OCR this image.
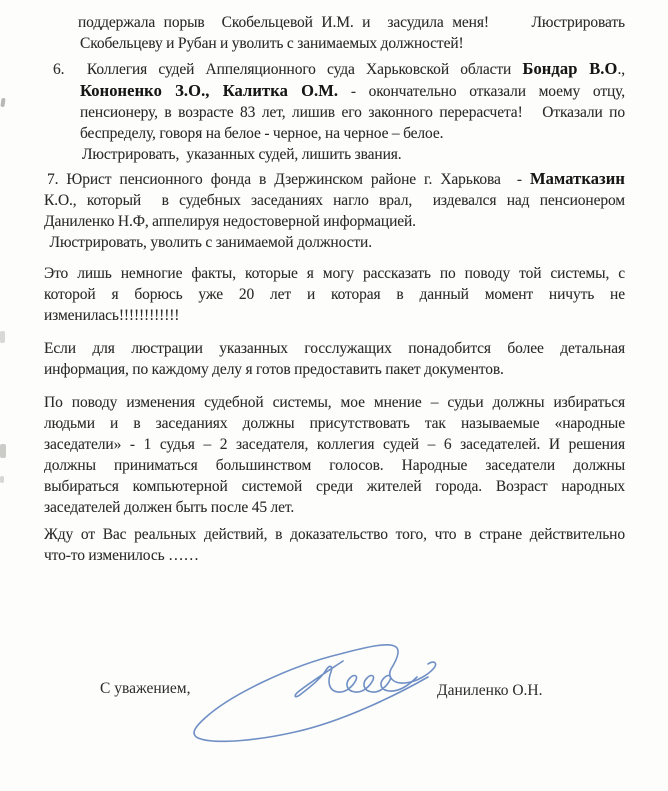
поддержала порыв  Скобельцевой И.М. и  засудила меня!     Люстрировать
Скобельцеву и Рубан и уволить с занимаемых должностей!
6.  Коллегия судей Аппеляционного суда Харьковской области Бондар В.О.,
Кононенко З.О., Калитка О.М. - окончательно отказали моему отцу,
пенсионеру, в возрасте 83 лет, лишив его законного перерасчета!   Отказали по
беспределу, говоря на белое - черное, на черное – белое.
Люстрировать,  указанных судей, лишить звания.
7. Юрист пенсионного фонда в Дзержинском районе г. Харькова  - Маматказин
К.О., который  в судебных заседаниях нагло врал,  издевался над пенсионером
Даниленко Н.Ф, аппелируя недостоверной информацией.
Люстрировать, уволить с занимаемой должности.
Это лишь немногие факты, которые я могу рассказать по поводу той системы, с
которой я борюсь уже 20 лет и которая в данный момент ничуть не
изменилась!!!!!!!!!!!!
Если для люстрации указанных госслужащих понадобится более детальная
информация, по каждому делу я готов предоставить пакет документов.
По поводу изменения судебной системы, мое мнение – судьи должны избираться
людьми и в заседаниях должны присутствовать так называемые «народные
заседатели» - 1 судья – 2 заседателя, коллегия судей – 6 заседателей. И решения
должны приниматься большинством голосов. Народные заседатели должны
выбираться компьютерной системой среди жителей города. Возраст народных
заседателей должен быть после 45 лет.
Жду от Вас реальных действий, в доказательство того, что в стране действительно
что-то изменилось ……
С уважением,	Даниленко О.Н.
